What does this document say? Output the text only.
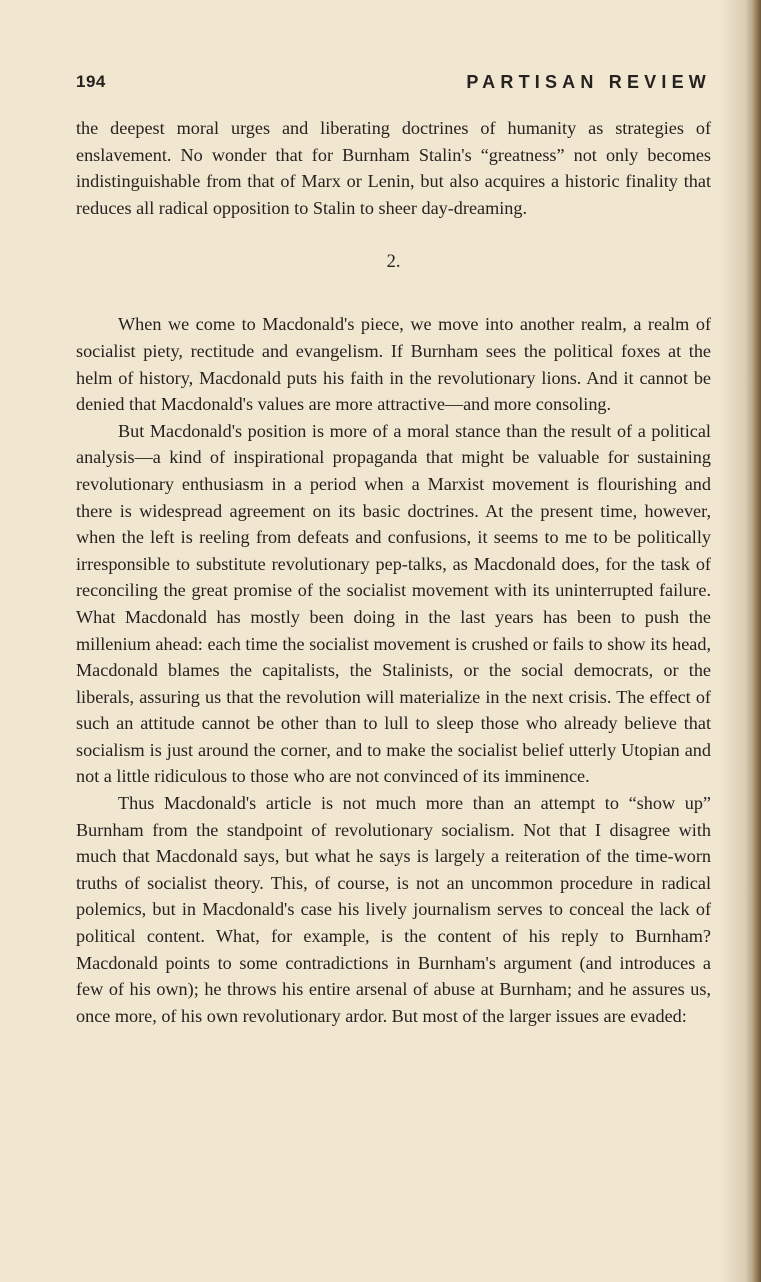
194	PARTISAN REVIEW

the deepest moral urges and liberating doctrines of humanity as strategies of enslavement. No wonder that for Burnham Stalin's “greatness” not only becomes indistinguishable from that of Marx or Lenin, but also acquires a historic finality that reduces all radical opposition to Stalin to sheer day-dreaming.

2.

When we come to Macdonald's piece, we move into another realm, a realm of socialist piety, rectitude and evangelism. If Burnham sees the political foxes at the helm of history, Macdonald puts his faith in the revolutionary lions. And it cannot be denied that Macdonald's values are more attractive—and more consoling.

But Macdonald's position is more of a moral stance than the result of a political analysis—a kind of inspirational propaganda that might be valuable for sustaining revolutionary enthusiasm in a period when a Marxist movement is flourishing and there is widespread agreement on its basic doctrines. At the present time, however, when the left is reeling from defeats and confusions, it seems to me to be politically irresponsible to substitute revolutionary pep-talks, as Macdonald does, for the task of reconciling the great promise of the socialist movement with its uninterrupted failure. What Macdonald has mostly been doing in the last years has been to push the millenium ahead: each time the socialist movement is crushed or fails to show its head, Macdonald blames the capitalists, the Stalinists, or the social democrats, or the liberals, assuring us that the revolution will materialize in the next crisis. The effect of such an attitude cannot be other than to lull to sleep those who already believe that socialism is just around the corner, and to make the socialist belief utterly Utopian and not a little ridiculous to those who are not convinced of its imminence.

Thus Macdonald's article is not much more than an attempt to “show up” Burnham from the standpoint of revolutionary socialism. Not that I disagree with much that Macdonald says, but what he says is largely a reiteration of the time-worn truths of socialist theory. This, of course, is not an uncommon procedure in radical polemics, but in Macdonald's case his lively journalism serves to conceal the lack of political content. What, for example, is the content of his reply to Burnham? Macdonald points to some contradictions in Burnham's argument (and introduces a few of his own); he throws his entire arsenal of abuse at Burnham; and he assures us, once more, of his own revolutionary ardor. But most of the larger issues are evaded:
